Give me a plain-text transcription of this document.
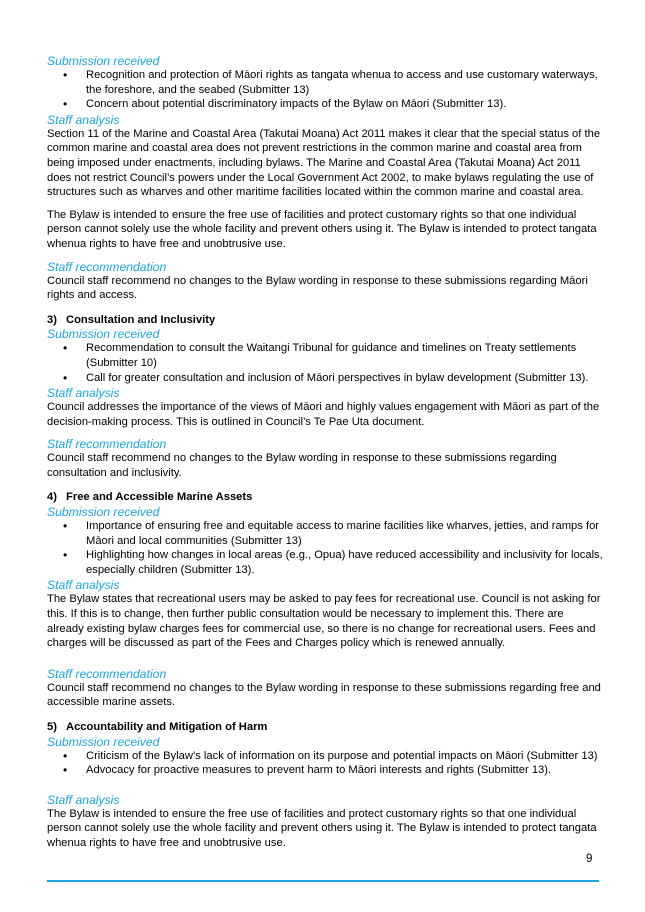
Submission received

• Recognition and protection of Māori rights as tangata whenua to access and use customary waterways, the foreshore, and the seabed (Submitter 13)
• Concern about potential discriminatory impacts of the Bylaw on Māori (Submitter 13).

Staff analysis

Section 11 of the Marine and Coastal Area (Takutai Moana) Act 2011 makes it clear that the special status of the common marine and coastal area does not prevent restrictions in the common marine and coastal area from being imposed under enactments, including bylaws. The Marine and Coastal Area (Takutai Moana) Act 2011 does not restrict Council’s powers under the Local Government Act 2002, to make bylaws regulating the use of structures such as wharves and other maritime facilities located within the common marine and coastal area.

The Bylaw is intended to ensure the free use of facilities and protect customary rights so that one individual person cannot solely use the whole facility and prevent others using it. The Bylaw is intended to protect tangata whenua rights to have free and unobtrusive use.

Staff recommendation

Council staff recommend no changes to the Bylaw wording in response to these submissions regarding Māori rights and access.

3) Consultation and Inclusivity

Submission received

• Recommendation to consult the Waitangi Tribunal for guidance and timelines on Treaty settlements (Submitter 10)
• Call for greater consultation and inclusion of Māori perspectives in bylaw development (Submitter 13).

Staff analysis

Council addresses the importance of the views of Māori and highly values engagement with Māori as part of the decision-making process. This is outlined in Council’s Te Pae Uta document.

Staff recommendation

Council staff recommend no changes to the Bylaw wording in response to these submissions regarding consultation and inclusivity.

4) Free and Accessible Marine Assets

Submission received

• Importance of ensuring free and equitable access to marine facilities like wharves, jetties, and ramps for Māori and local communities (Submitter 13)
• Highlighting how changes in local areas (e.g., Opua) have reduced accessibility and inclusivity for locals, especially children (Submitter 13).

Staff analysis

The Bylaw states that recreational users may be asked to pay fees for recreational use. Council is not asking for this. If this is to change, then further public consultation would be necessary to implement this. There are already existing bylaw charges fees for commercial use, so there is no change for recreational users. Fees and charges will be discussed as part of the Fees and Charges policy which is renewed annually.

Staff recommendation

Council staff recommend no changes to the Bylaw wording in response to these submissions regarding free and accessible marine assets.

5) Accountability and Mitigation of Harm

Submission received

• Criticism of the Bylaw’s lack of information on its purpose and potential impacts on Māori (Submitter 13)
• Advocacy for proactive measures to prevent harm to Māori interests and rights (Submitter 13).

Staff analysis

The Bylaw is intended to ensure the free use of facilities and protect customary rights so that one individual person cannot solely use the whole facility and prevent others using it. The Bylaw is intended to protect tangata whenua rights to have free and unobtrusive use.

9
